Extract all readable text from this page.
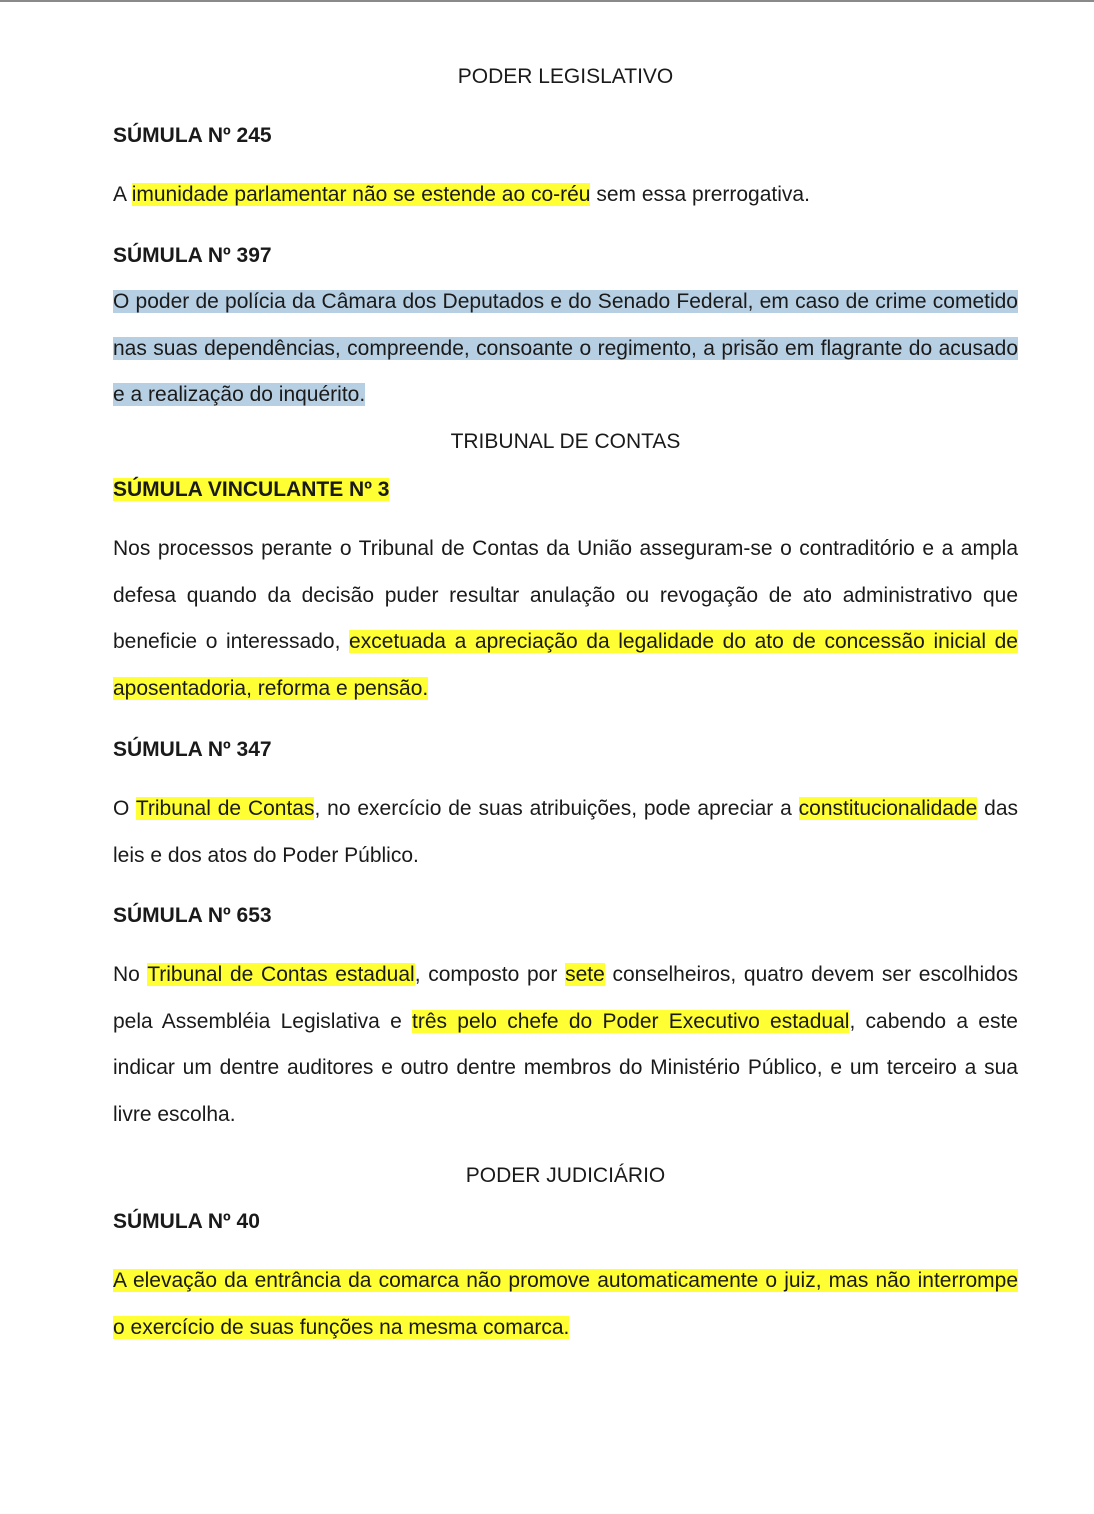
PODER LEGISLATIVO
SÚMULA Nº 245
A imunidade parlamentar não se estende ao co-réu sem essa prerrogativa.
SÚMULA Nº 397
O poder de polícia da Câmara dos Deputados e do Senado Federal, em caso de crime cometido nas suas dependências, compreende, consoante o regimento, a prisão em flagrante do acusado e a realização do inquérito.
TRIBUNAL DE CONTAS
SÚMULA VINCULANTE Nº 3
Nos processos perante o Tribunal de Contas da União asseguram-se o contraditório e a ampla defesa quando da decisão puder resultar anulação ou revogação de ato administrativo que beneficie o interessado, excetuada a apreciação da legalidade do ato de concessão inicial de aposentadoria, reforma e pensão.
SÚMULA Nº 347
O Tribunal de Contas, no exercício de suas atribuições, pode apreciar a constitucionalidade das leis e dos atos do Poder Público.
SÚMULA Nº 653
No Tribunal de Contas estadual, composto por sete conselheiros, quatro devem ser escolhidos pela Assembléia Legislativa e três pelo chefe do Poder Executivo estadual, cabendo a este indicar um dentre auditores e outro dentre membros do Ministério Público, e um terceiro a sua livre escolha.
PODER JUDICIÁRIO
SÚMULA Nº 40
A elevação da entrância da comarca não promove automaticamente o juiz, mas não interrompe o exercício de suas funções na mesma comarca.
